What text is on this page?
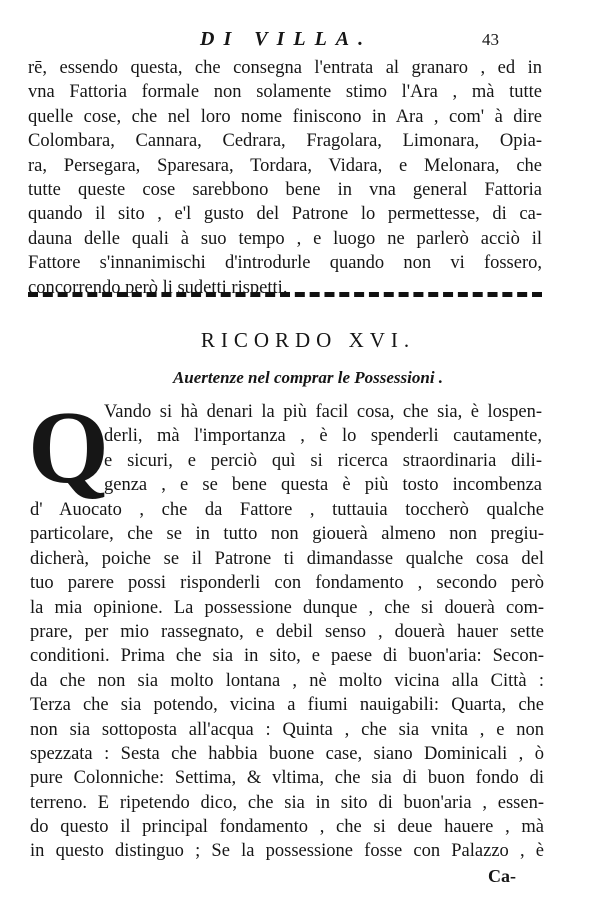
DI VILLA.	43
rē, essendo questa, che consegna l'entrata al granaro , ed in
vna Fattoria formale non solamente stimo l'Ara , mà tutte
quelle cose, che nel loro nome finiscono in Ara , com' à dire
Colombara, Cannara, Cedrara, Fragolara, Limonara, Opia-
ra, Persegara, Sparesara, Tordara, Vidara, e Melonara, che
tutte queste cose sarebbono bene in vna general Fattoria
quando il sito , e'l gusto del Patrone lo permettesse, di ca-
dauna delle quali à suo tempo , e luogo ne parlerò acciò il
Fattore s'innanimischi d'introdurle quando non vi fossero,
concorrendo però li sudetti rispetti.
RICORDO XVI.
Auertenze nel comprar le Possessioni .
Q
Vando si hà denari la più facil cosa, che sia, è lospen-
derli, mà l'importanza , è lo spenderli cautamente,
e sicuri, e perciò quì si ricerca straordinaria dili-
genza , e se bene questa è più tosto incombenza
d' Auocato , che da Fattore , tuttauia toccherò qualche
particolare, che se in tutto non giouerà almeno non pregiu-
dicherà, poiche se il Patrone ti dimandasse qualche cosa del
tuo parere possi risponderli con fondamento , secondo però
la mia opinione. La possessione dunque , che si douerà com-
prare, per mio rassegnato, e debil senso , douerà hauer sette
conditioni. Prima che sia in sito, e paese di buon'aria: Secon-
da che non sia molto lontana , nè molto vicina alla Città :
Terza che sia potendo, vicina a fiumi nauigabili: Quarta, che
non sia sottoposta all'acqua : Quinta , che sia vnita , e non
spezzata : Sesta che habbia buone case, siano Dominicali , ò
pure Colonniche: Settima, & vltima, che sia di buon fondo di
terreno. E ripetendo dico, che sia in sito di buon'aria , essen-
do questo il principal fondamento , che si deue hauere , mà
in questo distinguo ; Se la possessione fosse con Palazzo , è
Ca-
